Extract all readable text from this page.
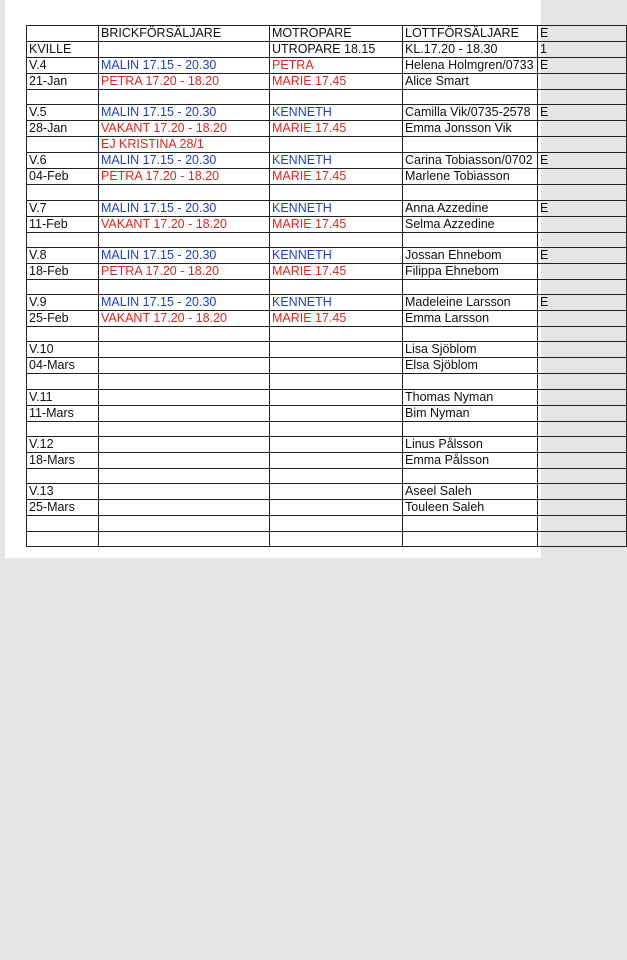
	BRICKFÖRSÄLJARE	MOTROPARE	LOTTFÖRSÄLJARE	E
KVILLE		UTROPARE 18.15	KL.17.20 - 18.30	1
V.4	MALIN 17.15 - 20.30	PETRA	Helena Holmgren/0733	E
21-Jan	PETRA 17.20 - 18.20	MARIE 17.45	Alice Smart	

V.5	MALIN 17.15 - 20.30	KENNETH	Camilla Vik/0735-2578	E
28-Jan	VAKANT 17.20 - 18.20	MARIE 17.45	Emma Jonsson Vik	
	EJ KRISTINA 28/1			
V.6	MALIN 17.15 - 20.30	KENNETH	Carina Tobiasson/0702	E
04-Feb	PETRA 17.20 - 18.20	MARIE 17.45	Marlene Tobiasson	

V.7	MALIN 17.15 - 20.30	KENNETH	Anna Azzedine	E
11-Feb	VAKANT 17.20 - 18.20	MARIE 17.45	Selma Azzedine	

V.8	MALIN 17.15 - 20.30	KENNETH	Jossan Ehnebom	E
18-Feb	PETRA 17.20 - 18.20	MARIE 17.45	Filippa Ehnebom	

V.9	MALIN 17.15 - 20.30	KENNETH	Madeleine Larsson	E
25-Feb	VAKANT 17.20 - 18.20	MARIE 17.45	Emma Larsson	

V.10			Lisa Sjöblom	
04-Mars			Elsa Sjöblom	

V.11			Thomas Nyman	
11-Mars			Bim Nyman	

V.12			Linus Pålsson	
18-Mars			Emma Pålsson	

V.13			Aseel Saleh	
25-Mars			Touleen Saleh	
